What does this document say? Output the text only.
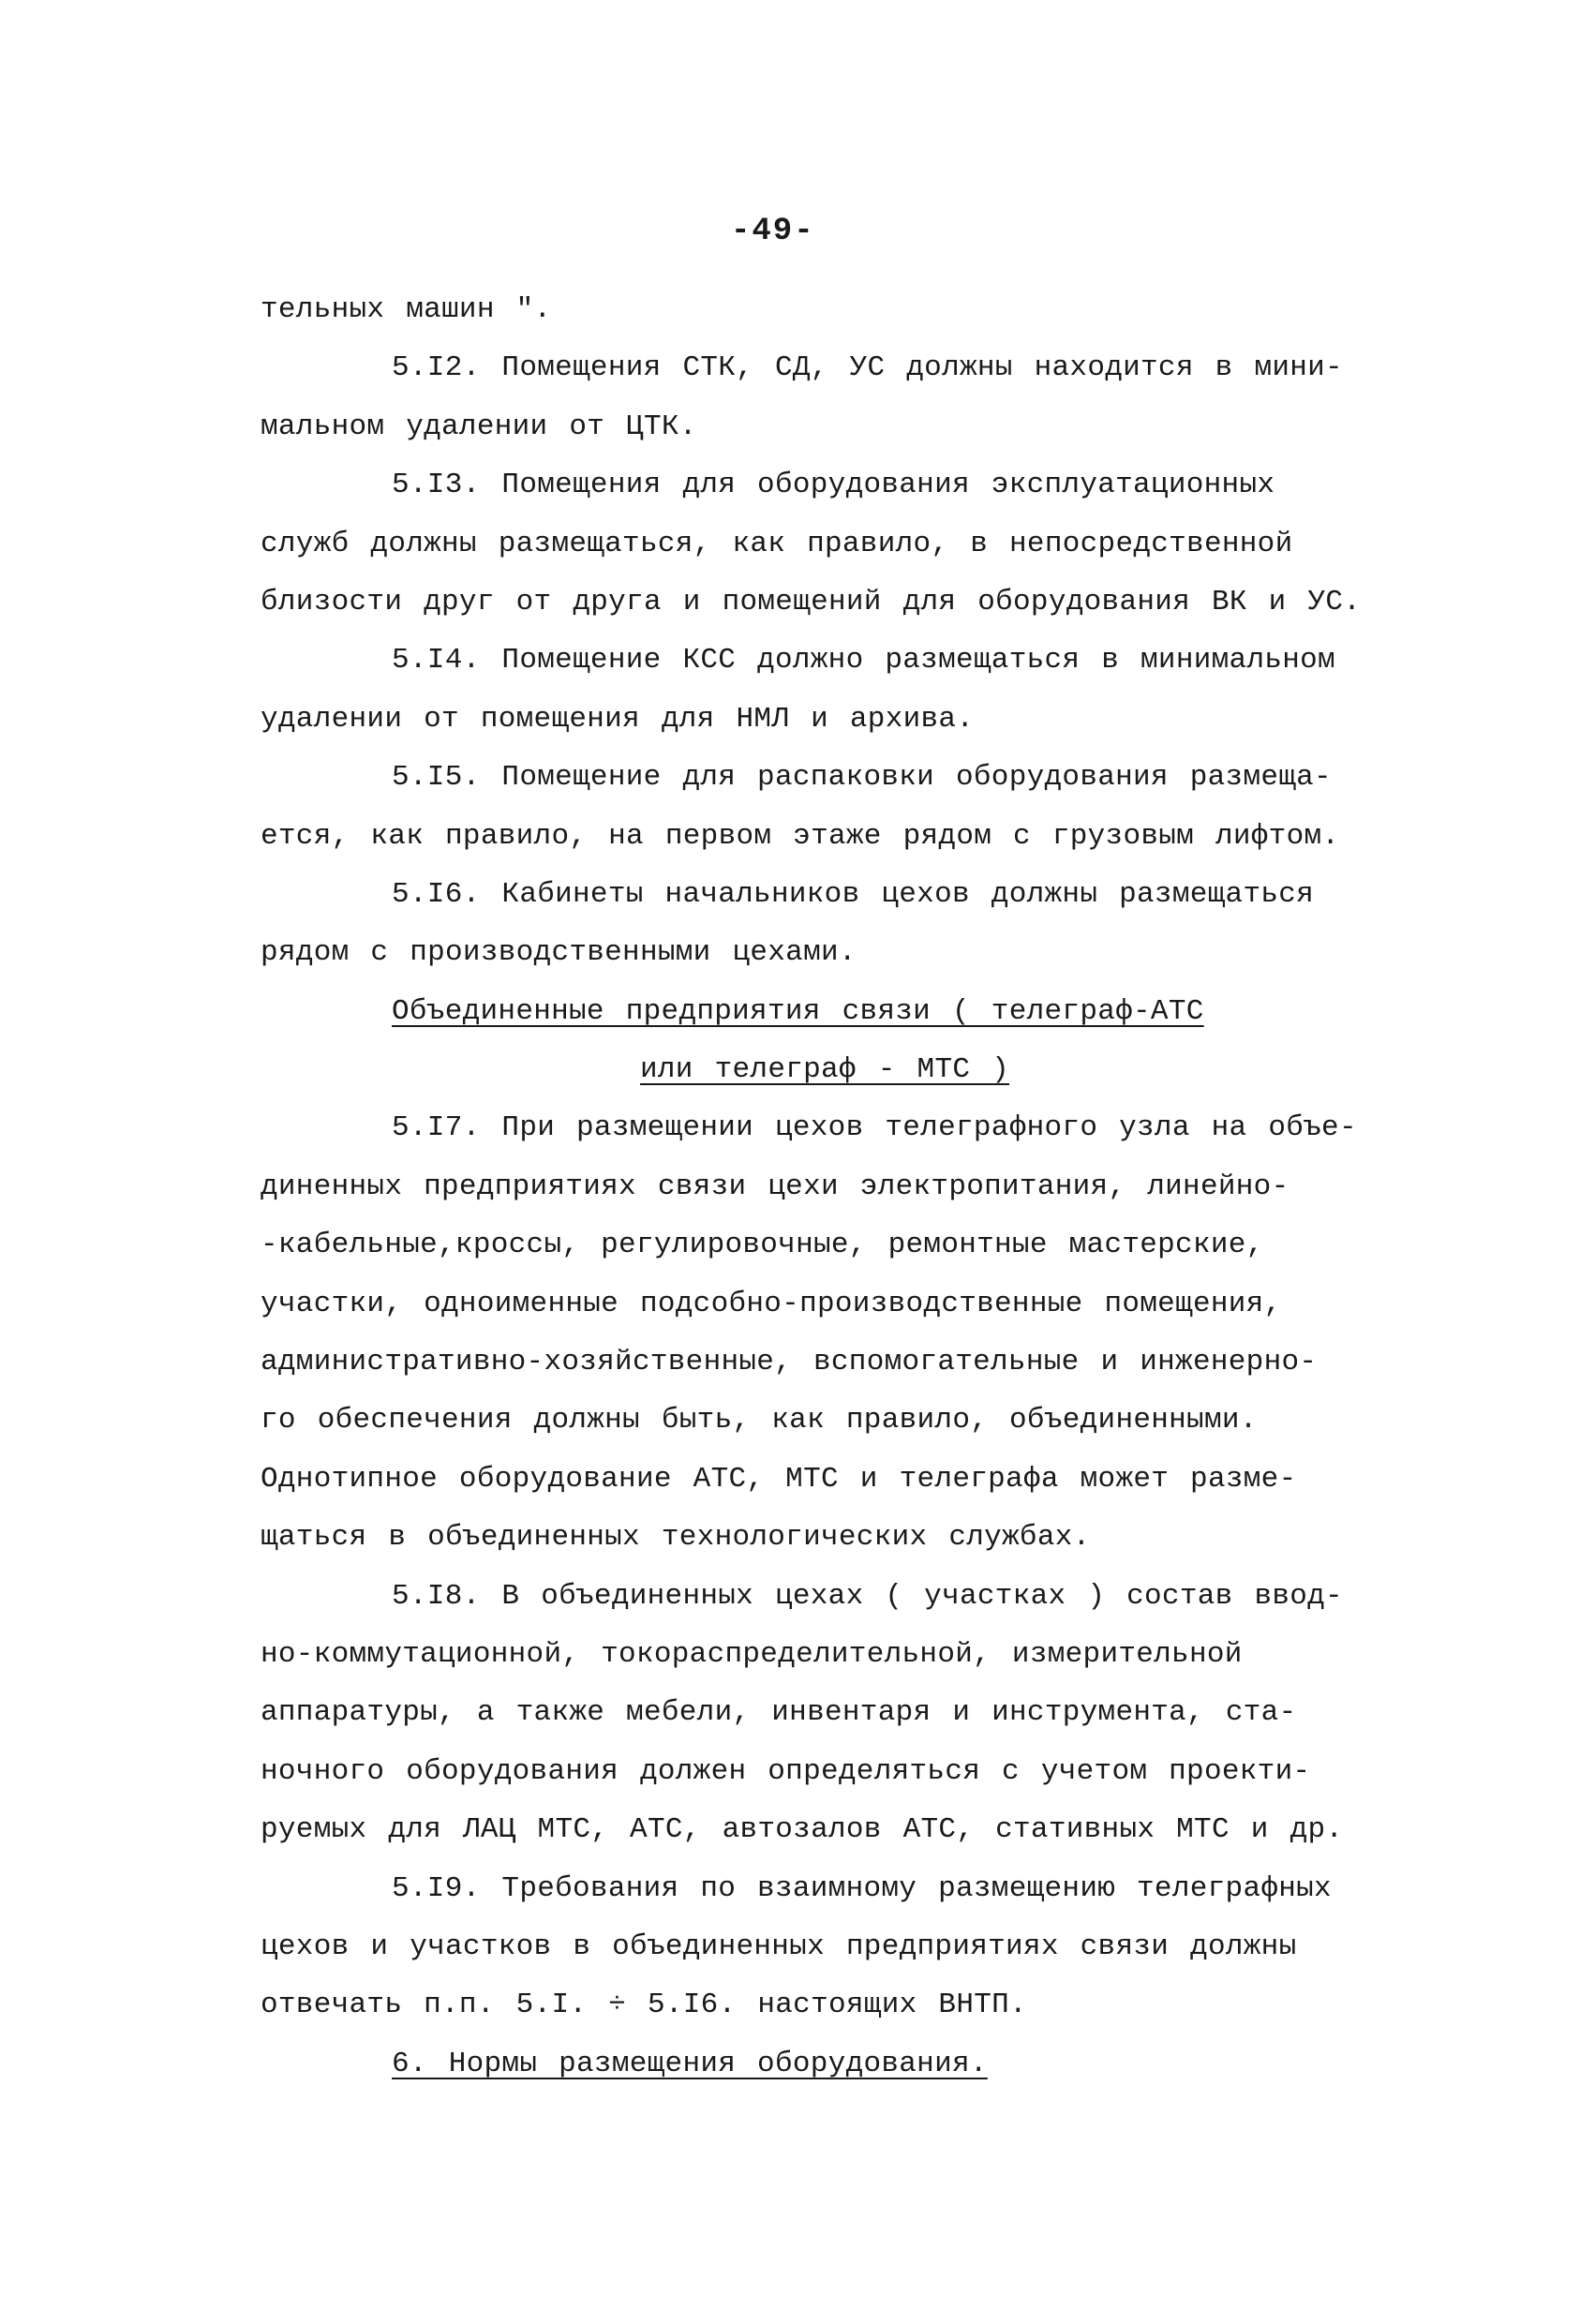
-49-
тельных машин ".
5.I2. Помещения СТК, СД, УС должны находится в мини-
мальном удалении от ЦТК.
5.I3. Помещения для оборудования эксплуатационных
служб должны размещаться, как правило, в непосредственной
близости друг от друга и помещений для оборудования ВК и УС.
5.I4. Помещение КСС должно размещаться в минимальном
удалении от помещения для НМЛ и архива.
5.I5. Помещение для распаковки оборудования размеща-
ется, как правило, на первом этаже рядом с грузовым лифтом.
5.I6. Кабинеты начальников цехов должны размещаться
рядом с производственными цехами.
Объединенные предприятия связи ( телеграф-АТС
или телеграф - МТС )
5.I7. При размещении цехов телеграфного узла на объе-
диненных предприятиях связи цехи электропитания, линейно-
-кабельные,кроссы, регулировочные, ремонтные мастерские,
участки, одноименные подсобно-производственные помещения,
административно-хозяйственные, вспомогательные и инженерно-
го обеспечения должны быть, как правило, объединенными.
Однотипное оборудование АТС, МТС и телеграфа может разме-
щаться в объединенных технологических службах.
5.I8. В объединенных цехах ( участках ) состав ввод-
но-коммутационной, токораспределительной, измерительной
аппаратуры, а также мебели, инвентаря и инструмента, ста-
ночного оборудования должен определяться с учетом проекти-
руемых для ЛАЦ МТС, АТС, автозалов АТС, стативных МТС и др.
5.I9. Требования по взаимному размещению телеграфных
цехов и участков в объединенных предприятиях связи должны
отвечать п.п. 5.I. ÷ 5.I6. настоящих ВНТП.
6. Нормы размещения оборудования.
